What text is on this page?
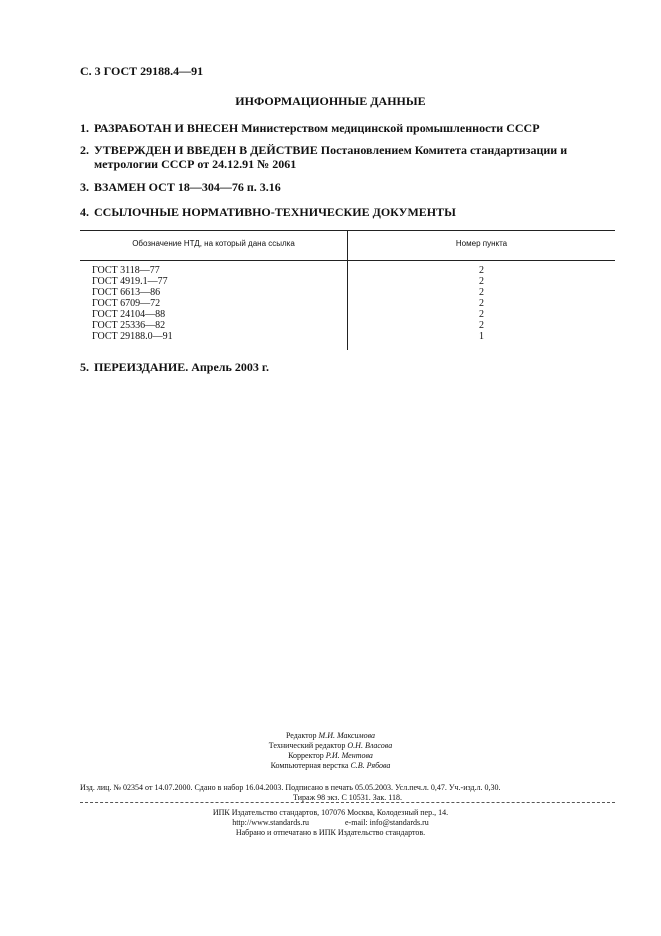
С. 3 ГОСТ 29188.4—91
ИНФОРМАЦИОННЫЕ ДАННЫЕ
1. РАЗРАБОТАН И ВНЕСЕН Министерством медицинской промышленности СССР
2. УТВЕРЖДЕН И ВВЕДЕН В ДЕЙСТВИЕ Постановлением Комитета стандартизации и метрологии СССР от 24.12.91 № 2061
3. ВЗАМЕН ОСТ 18—304—76 п. 3.16
4. ССЫЛОЧНЫЕ НОРМАТИВНО-ТЕХНИЧЕСКИЕ ДОКУМЕНТЫ
Обозначение НТД, на который дана ссылка	Номер пункта
ГОСТ 3118—77	2
ГОСТ 4919.1—77	2
ГОСТ 6613—86	2
ГОСТ 6709—72	2
ГОСТ 24104—88	2
ГОСТ 25336—82	2
ГОСТ 29188.0—91	1
5. ПЕРЕИЗДАНИЕ. Апрель 2003 г.
Редактор М.И. Максимова
Технический редактор О.Н. Власова
Корректор Р.И. Ментова
Компьютерная верстка С.В. Рябова
Изд. лиц. № 02354 от 14.07.2000. Сдано в набор 16.04.2003. Подписано в печать 05.05.2003. Усл.печ.л. 0,47. Уч.-изд.л. 0,30.
Тираж 98 экз. С 10531. Зак. 118.
ИПК Издательство стандартов, 107076 Москва, Колодезный пер., 14.
http://www.standards.ru	e-mail: info@standards.ru
Набрано и отпечатано в ИПК Издательство стандартов.
